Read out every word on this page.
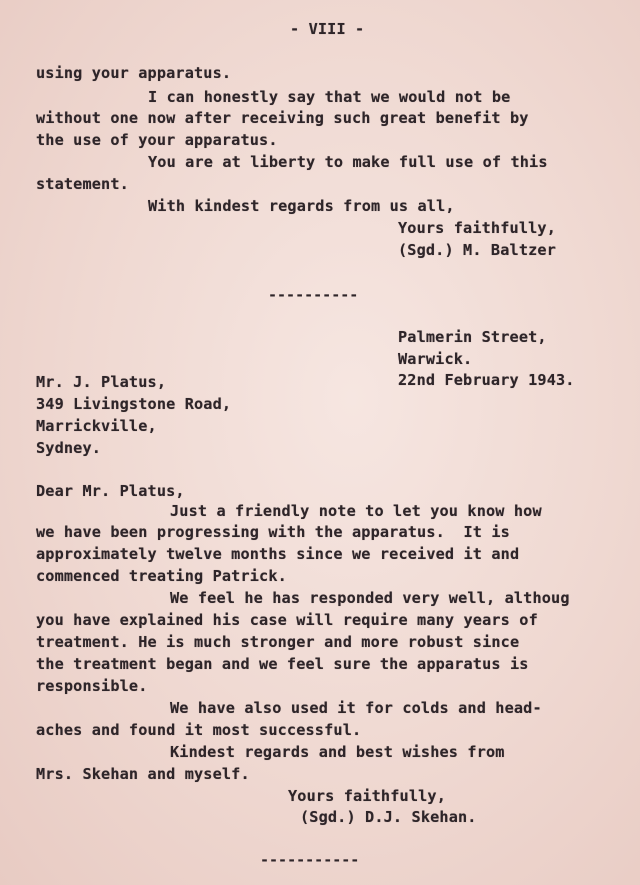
- VIII -
using your apparatus.
I can honestly say that we would not be
without one now after receiving such great benefit by
the use of your apparatus.
You are at liberty to make full use of this
statement.
With kindest regards from us all,
Yours faithfully,
(Sgd.) M. Baltzer
----------
Palmerin Street,
Warwick.
22nd February 1943.
Mr. J. Platus,
349 Livingstone Road,
Marrickville,
Sydney.
Dear Mr. Platus,
Just a friendly note to let you know how
we have been progressing with the apparatus.  It is
approximately twelve months since we received it and
commenced treating Patrick.
We feel he has responded very well, althoug
you have explained his case will require many years of
treatment. He is much stronger and more robust since
the treatment began and we feel sure the apparatus is
responsible.
We have also used it for colds and head-
aches and found it most successful.
Kindest regards and best wishes from
Mrs. Skehan and myself.
Yours faithfully,
(Sgd.) D.J. Skehan.
-----------
